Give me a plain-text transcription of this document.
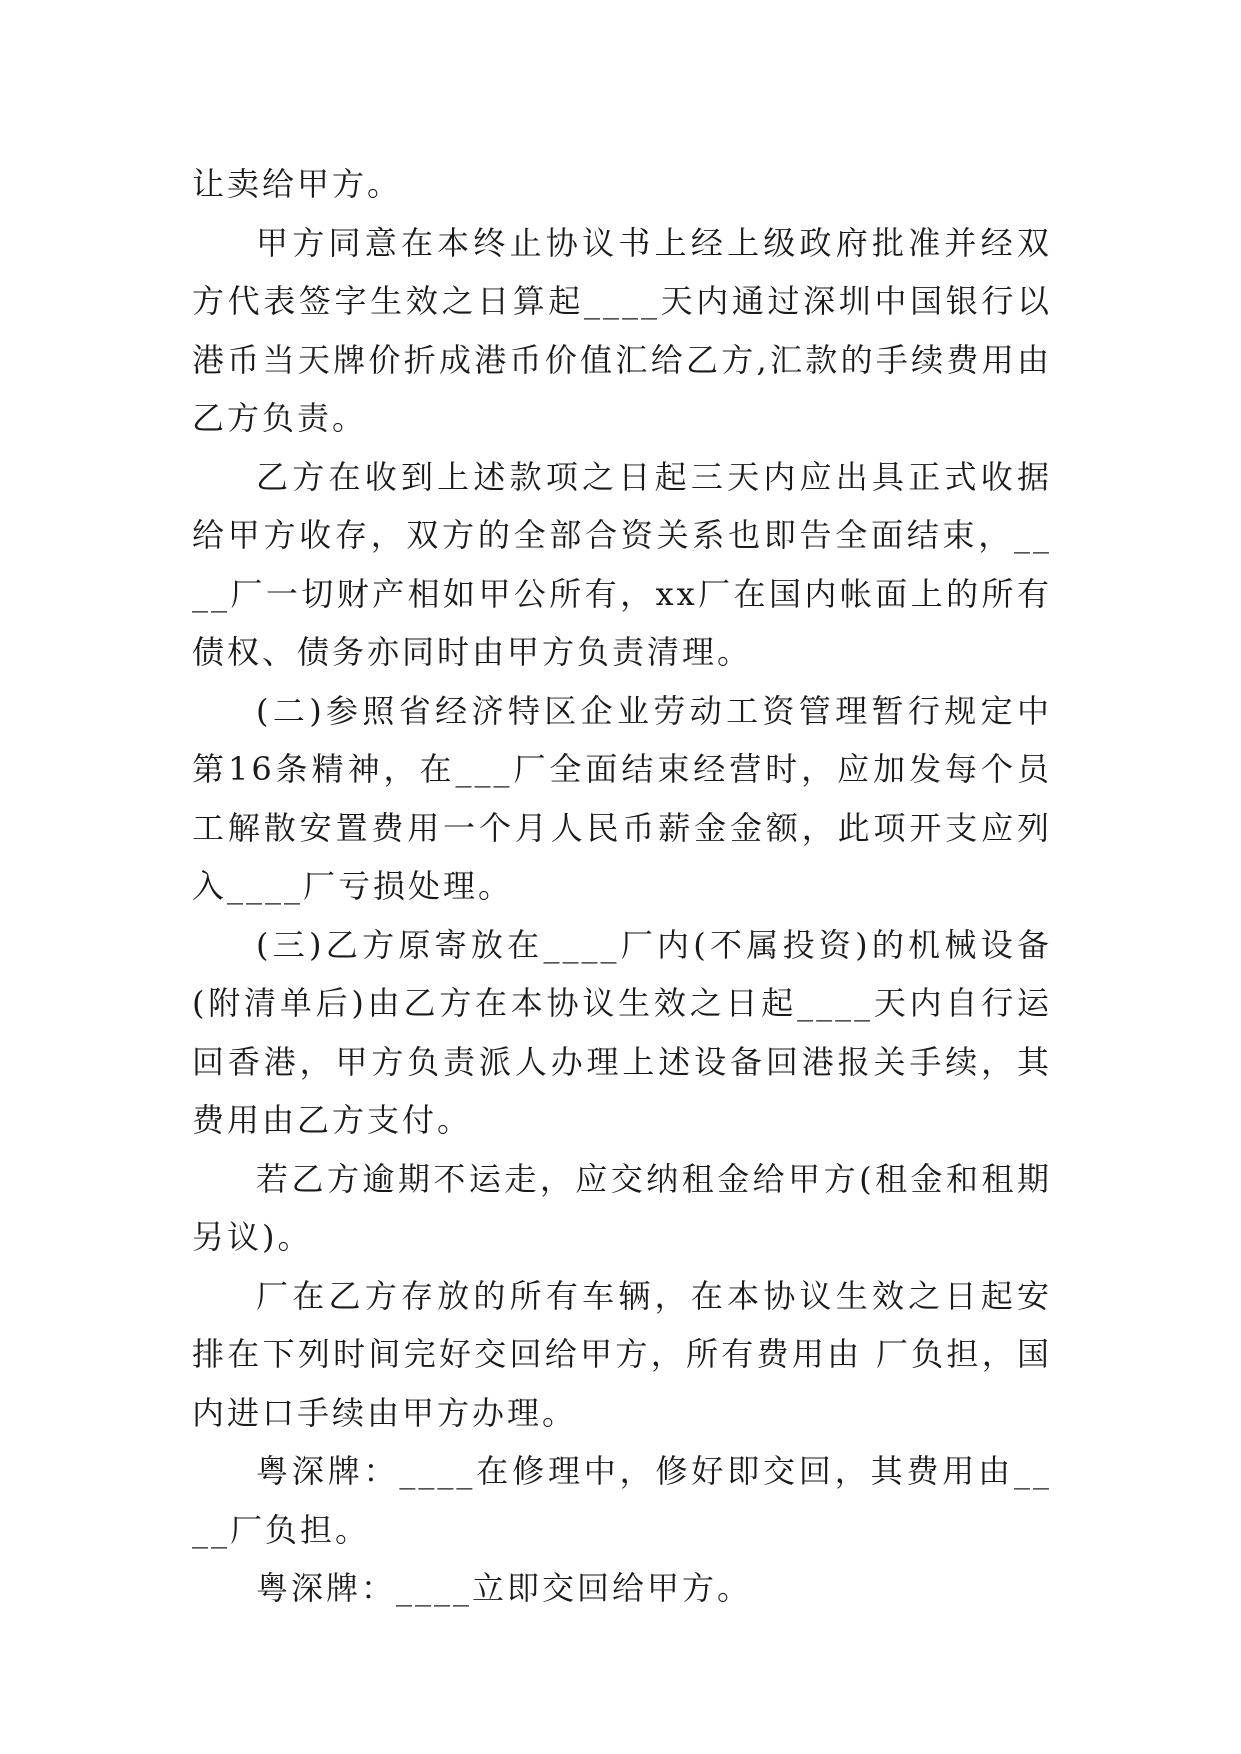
让卖给甲方。

甲方同意在本终止协议书上经上级政府批准并经双方代表签字生效之日算起____天内通过深圳中国银行以港币当天牌价折成港币价值汇给乙方,汇款的手续费用由乙方负责。

乙方在收到上述款项之日起三天内应出具正式收据给甲方收存，双方的全部合资关系也即告全面结束，____厂一切财产相如甲公所有，xx厂在国内帐面上的所有债权、债务亦同时由甲方负责清理。

(二)参照省经济特区企业劳动工资管理暂行规定中第16条精神，在___厂全面结束经营时，应加发每个员工解散安置费用一个月人民币薪金金额，此项开支应列入____厂亏损处理。

(三)乙方原寄放在____厂内(不属投资)的机械设备(附清单后)由乙方在本协议生效之日起____天内自行运回香港，甲方负责派人办理上述设备回港报关手续，其费用由乙方支付。

若乙方逾期不运走，应交纳租金给甲方(租金和租期另议)。

厂在乙方存放的所有车辆，在本协议生效之日起安排在下列时间完好交回给甲方，所有费用由 厂负担，国内进口手续由甲方办理。

粤深牌：____在修理中，修好即交回，其费用由____厂负担。

粤深牌：____立即交回给甲方。
